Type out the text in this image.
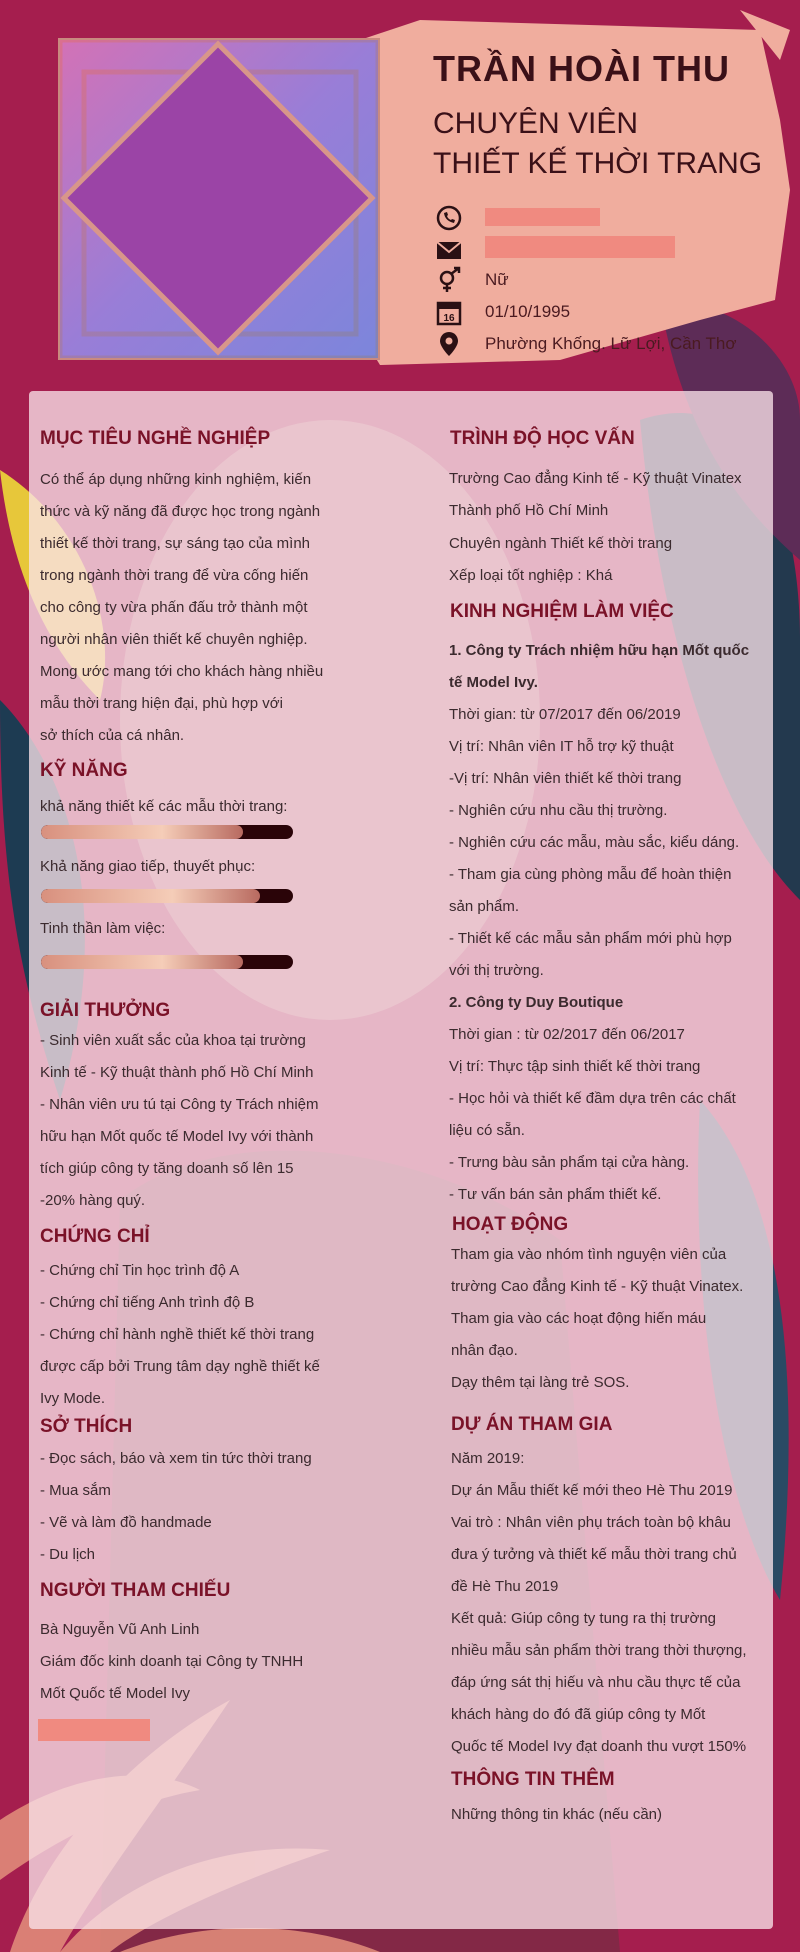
TRẦN HOÀI THU
CHUYÊN VIÊN
THIẾT KẾ THỜI TRANG
Nữ
16 01/10/1995
Phường Khống. Lữ Lợi, Cần Thơ
MỤC TIÊU NGHỀ NGHIỆP
Có thể áp dụng những kinh nghiệm, kiến
thức và kỹ năng đã được học trong ngành
thiết kế thời trang, sự sáng tạo của mình
trong ngành thời trang để vừa cống hiến
cho công ty vừa phấn đấu trở thành một
người nhân viên thiết kế chuyên nghiệp.
Mong ước mang tới cho khách hàng nhiều
mẫu thời trang hiện đại, phù hợp với
sở thích của cá nhân.
KỸ NĂNG
khả năng thiết kế các mẫu thời trang:
Khả năng giao tiếp, thuyết phục:
Tinh thần làm việc:
GIẢI THƯỞNG
- Sinh viên xuất sắc của khoa tại trường
Kinh tế - Kỹ thuật thành phố Hồ Chí Minh
- Nhân viên ưu tú tại Công ty Trách nhiệm
hữu hạn Mốt quốc tế Model Ivy với thành
tích giúp công ty tăng doanh số lên 15
-20% hàng quý.
CHỨNG CHỈ
- Chứng chỉ Tin học trình độ A
- Chứng chỉ tiếng Anh trình độ B
- Chứng chỉ hành nghề thiết kế thời trang
được cấp bởi Trung tâm dạy nghề thiết kế
Ivy Mode.
SỞ THÍCH
- Đọc sách, báo và xem tin tức thời trang
- Mua sắm
- Vẽ và làm đồ handmade
- Du lịch
NGƯỜI THAM CHIẾU
Bà Nguyễn Vũ Anh Linh
Giám đốc kinh doanh tại Công ty TNHH
Mốt Quốc tế Model Ivy
TRÌNH ĐỘ HỌC VẤN
Trường Cao đẳng Kinh tế - Kỹ thuật Vinatex
Thành phố Hồ Chí Minh
Chuyên ngành Thiết kế thời trang
Xếp loại tốt nghiệp : Khá
KINH NGHIỆM LÀM VIỆC
1. Công ty Trách nhiệm hữu hạn Mốt quốc
tế Model Ivy.
Thời gian: từ 07/2017 đến 06/2019
Vị trí: Nhân viên IT hỗ trợ kỹ thuật
-Vị trí: Nhân viên thiết kế thời trang
- Nghiên cứu nhu cầu thị trường.
- Nghiên cứu các mẫu, màu sắc, kiểu dáng.
- Tham gia cùng phòng mẫu để hoàn thiện
sản phẩm.
- Thiết kế các mẫu sản phẩm mới phù hợp
với thị trường.
2. Công ty Duy Boutique
Thời gian : từ 02/2017 đến 06/2017
Vị trí: Thực tập sinh thiết kế thời trang
- Học hỏi và thiết kế đầm dựa trên các chất
liệu có sẵn.
- Trưng bàu sản phẩm tại cửa hàng.
- Tư vấn bán sản phẩm thiết kế.
HOẠT ĐỘNG
Tham gia vào nhóm tình nguyện viên của
trường Cao đẳng Kinh tế - Kỹ thuật Vinatex.
Tham gia vào các hoạt động hiến máu
nhân đạo.
Dạy thêm tại làng trẻ SOS.
DỰ ÁN THAM GIA
Năm 2019:
Dự án Mẫu thiết kế mới theo Hè Thu 2019
Vai trò : Nhân viên phụ trách toàn bộ khâu
đưa ý tưởng và thiết kế mẫu thời trang chủ
đề Hè Thu 2019
Kết quả: Giúp công ty tung ra thị trường
nhiều mẫu sản phẩm thời trang thời thượng,
đáp ứng sát thị hiếu và nhu cầu thực tế của
khách hàng do đó đã giúp công ty Mốt
Quốc tế Model Ivy đạt doanh thu vượt 150%
THÔNG TIN THÊM
Những thông tin khác (nếu cần)
